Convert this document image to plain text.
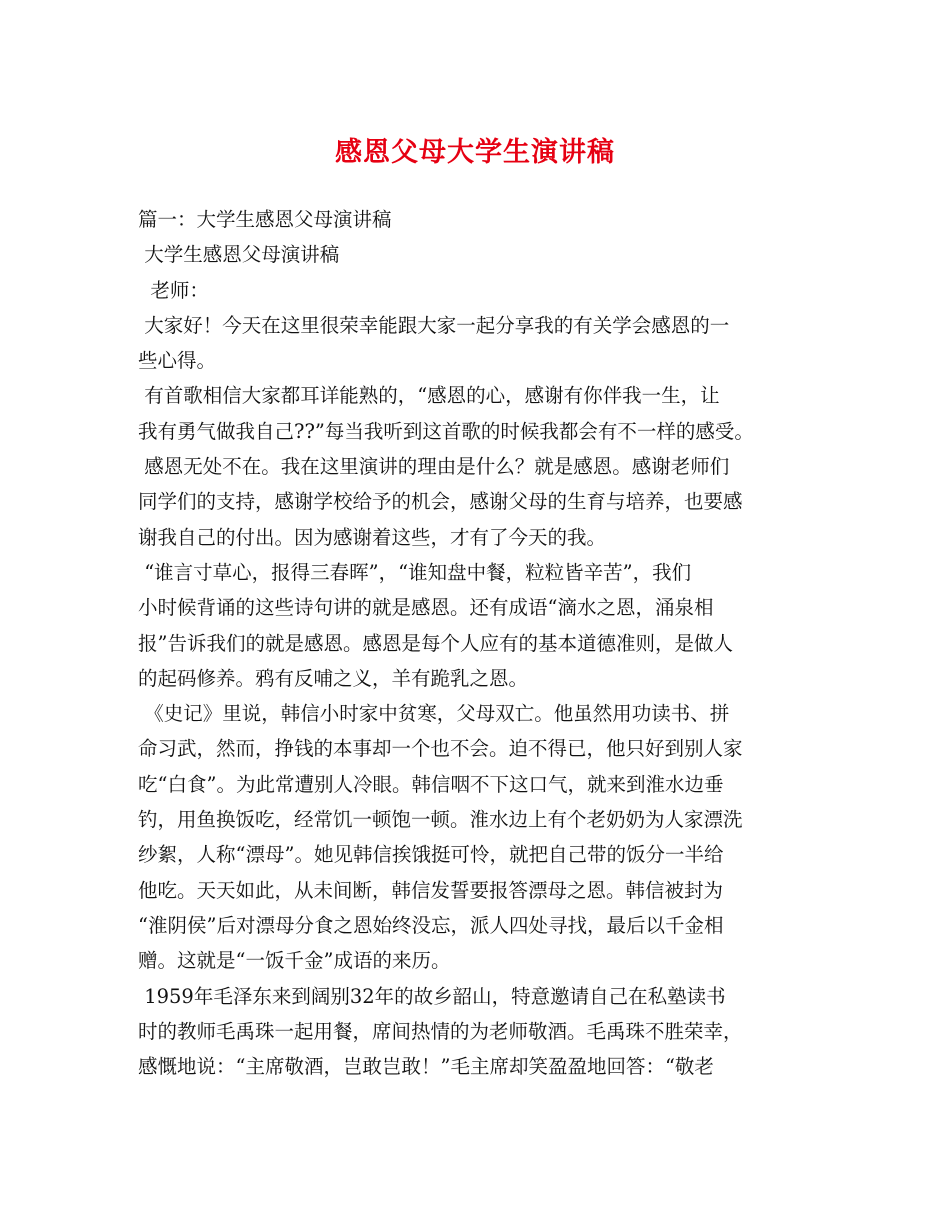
感恩父母大学生演讲稿
篇一：大学生感恩父母演讲稿
大学生感恩父母演讲稿
老师：
大家好！今天在这里很荣幸能跟大家一起分享我的有关学会感恩的一
些心得。
有首歌相信大家都耳详能熟的，“感恩的心，感谢有你伴我一生，让
我有勇气做我自己??”每当我听到这首歌的时候我都会有不一样的感受。
感恩无处不在。我在这里演讲的理由是什么？就是感恩。感谢老师们
同学们的支持，感谢学校给予的机会，感谢父母的生育与培养，也要感
谢我自己的付出。因为感谢着这些，才有了今天的我。
“谁言寸草心，报得三春晖”，“谁知盘中餐，粒粒皆辛苦”，我们
小时候背诵的这些诗句讲的就是感恩。还有成语“滴水之恩，涌泉相
报”告诉我们的就是感恩。感恩是每个人应有的基本道德准则，是做人
的起码修养。鸦有反哺之义，羊有跪乳之恩。
《史记》里说，韩信小时家中贫寒，父母双亡。他虽然用功读书、拼
命习武，然而，挣钱的本事却一个也不会。迫不得已，他只好到别人家
吃“白食”。为此常遭别人冷眼。韩信咽不下这口气，就来到淮水边垂
钓，用鱼换饭吃，经常饥一顿饱一顿。淮水边上有个老奶奶为人家漂洗
纱絮，人称“漂母”。她见韩信挨饿挺可怜，就把自己带的饭分一半给
他吃。天天如此，从未间断，韩信发誓要报答漂母之恩。韩信被封为
“淮阴侯”后对漂母分食之恩始终没忘，派人四处寻找，最后以千金相
赠。这就是“一饭千金”成语的来历。
1959年毛泽东来到阔别32年的故乡韶山，特意邀请自己在私塾读书
时的教师毛禹珠一起用餐，席间热情的为老师敬酒。毛禹珠不胜荣幸，
感慨地说：“主席敬酒，岂敢岂敢！”毛主席却笑盈盈地回答：“敬老
